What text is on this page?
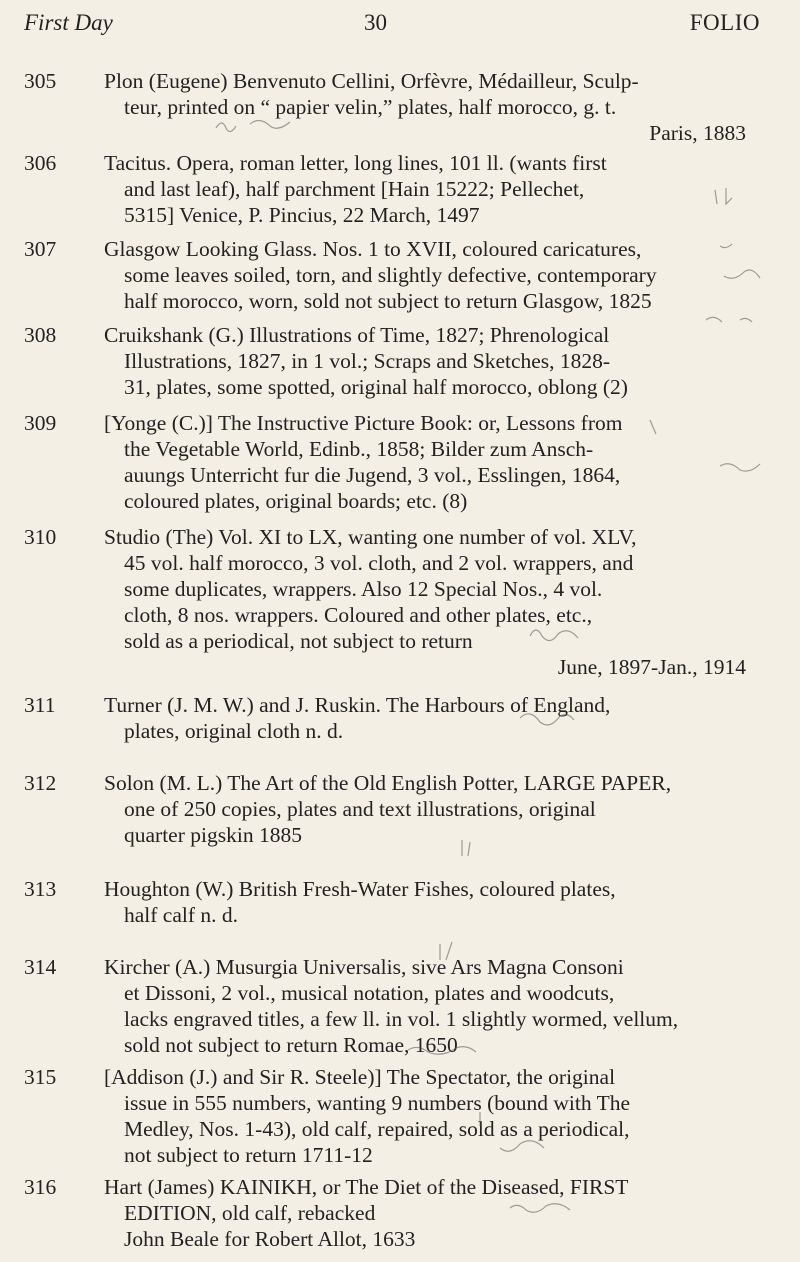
First Day	30	FOLIO
305	Plon (Eugene) Benvenuto Cellini, Orfèvre, Médailleur, Sculp-
teur, printed on “ papier velin,” plates, half morocco, g. t.
Paris, 1883
306	Tacitus. Opera, roman letter, long lines, 101 ll. (wants first
and last leaf), half parchment [Hain 15222; Pellechet,
5315] Venice, P. Pincius, 22 March, 1497
307	Glasgow Looking Glass. Nos. 1 to XVII, coloured caricatures,
some leaves soiled, torn, and slightly defective, contemporary
half morocco, worn, sold not subject to return Glasgow, 1825
308	Cruikshank (G.) Illustrations of Time, 1827; Phrenological
Illustrations, 1827, in 1 vol.; Scraps and Sketches, 1828-
31, plates, some spotted, original half morocco, oblong (2)
309	[Yonge (C.)] The Instructive Picture Book: or, Lessons from
the Vegetable World, Edinb., 1858; Bilder zum Ansch-
auungs Unterricht fur die Jugend, 3 vol., Esslingen, 1864,
coloured plates, original boards; etc. (8)
310	Studio (The) Vol. XI to LX, wanting one number of vol. XLV,
45 vol. half morocco, 3 vol. cloth, and 2 vol. wrappers, and
some duplicates, wrappers. Also 12 Special Nos., 4 vol.
cloth, 8 nos. wrappers. Coloured and other plates, etc.,
sold as a periodical, not subject to return
June, 1897-Jan., 1914
311	Turner (J. M. W.) and J. Ruskin. The Harbours of England,
plates, original cloth n. d.
312	Solon (M. L.) The Art of the Old English Potter, LARGE PAPER,
one of 250 copies, plates and text illustrations, original
quarter pigskin 1885
313	Houghton (W.) British Fresh-Water Fishes, coloured plates,
half calf n. d.
314	Kircher (A.) Musurgia Universalis, sive Ars Magna Consoni
et Dissoni, 2 vol., musical notation, plates and woodcuts,
lacks engraved titles, a few ll. in vol. 1 slightly wormed, vellum,
sold not subject to return Romae, 1650
315	[Addison (J.) and Sir R. Steele)] The Spectator, the original
issue in 555 numbers, wanting 9 numbers (bound with The
Medley, Nos. 1-43), old calf, repaired, sold as a periodical,
not subject to return 1711-12
316	Hart (James) KAINIKH, or The Diet of the Diseased, FIRST
EDITION, old calf, rebacked
John Beale for Robert Allot, 1633
